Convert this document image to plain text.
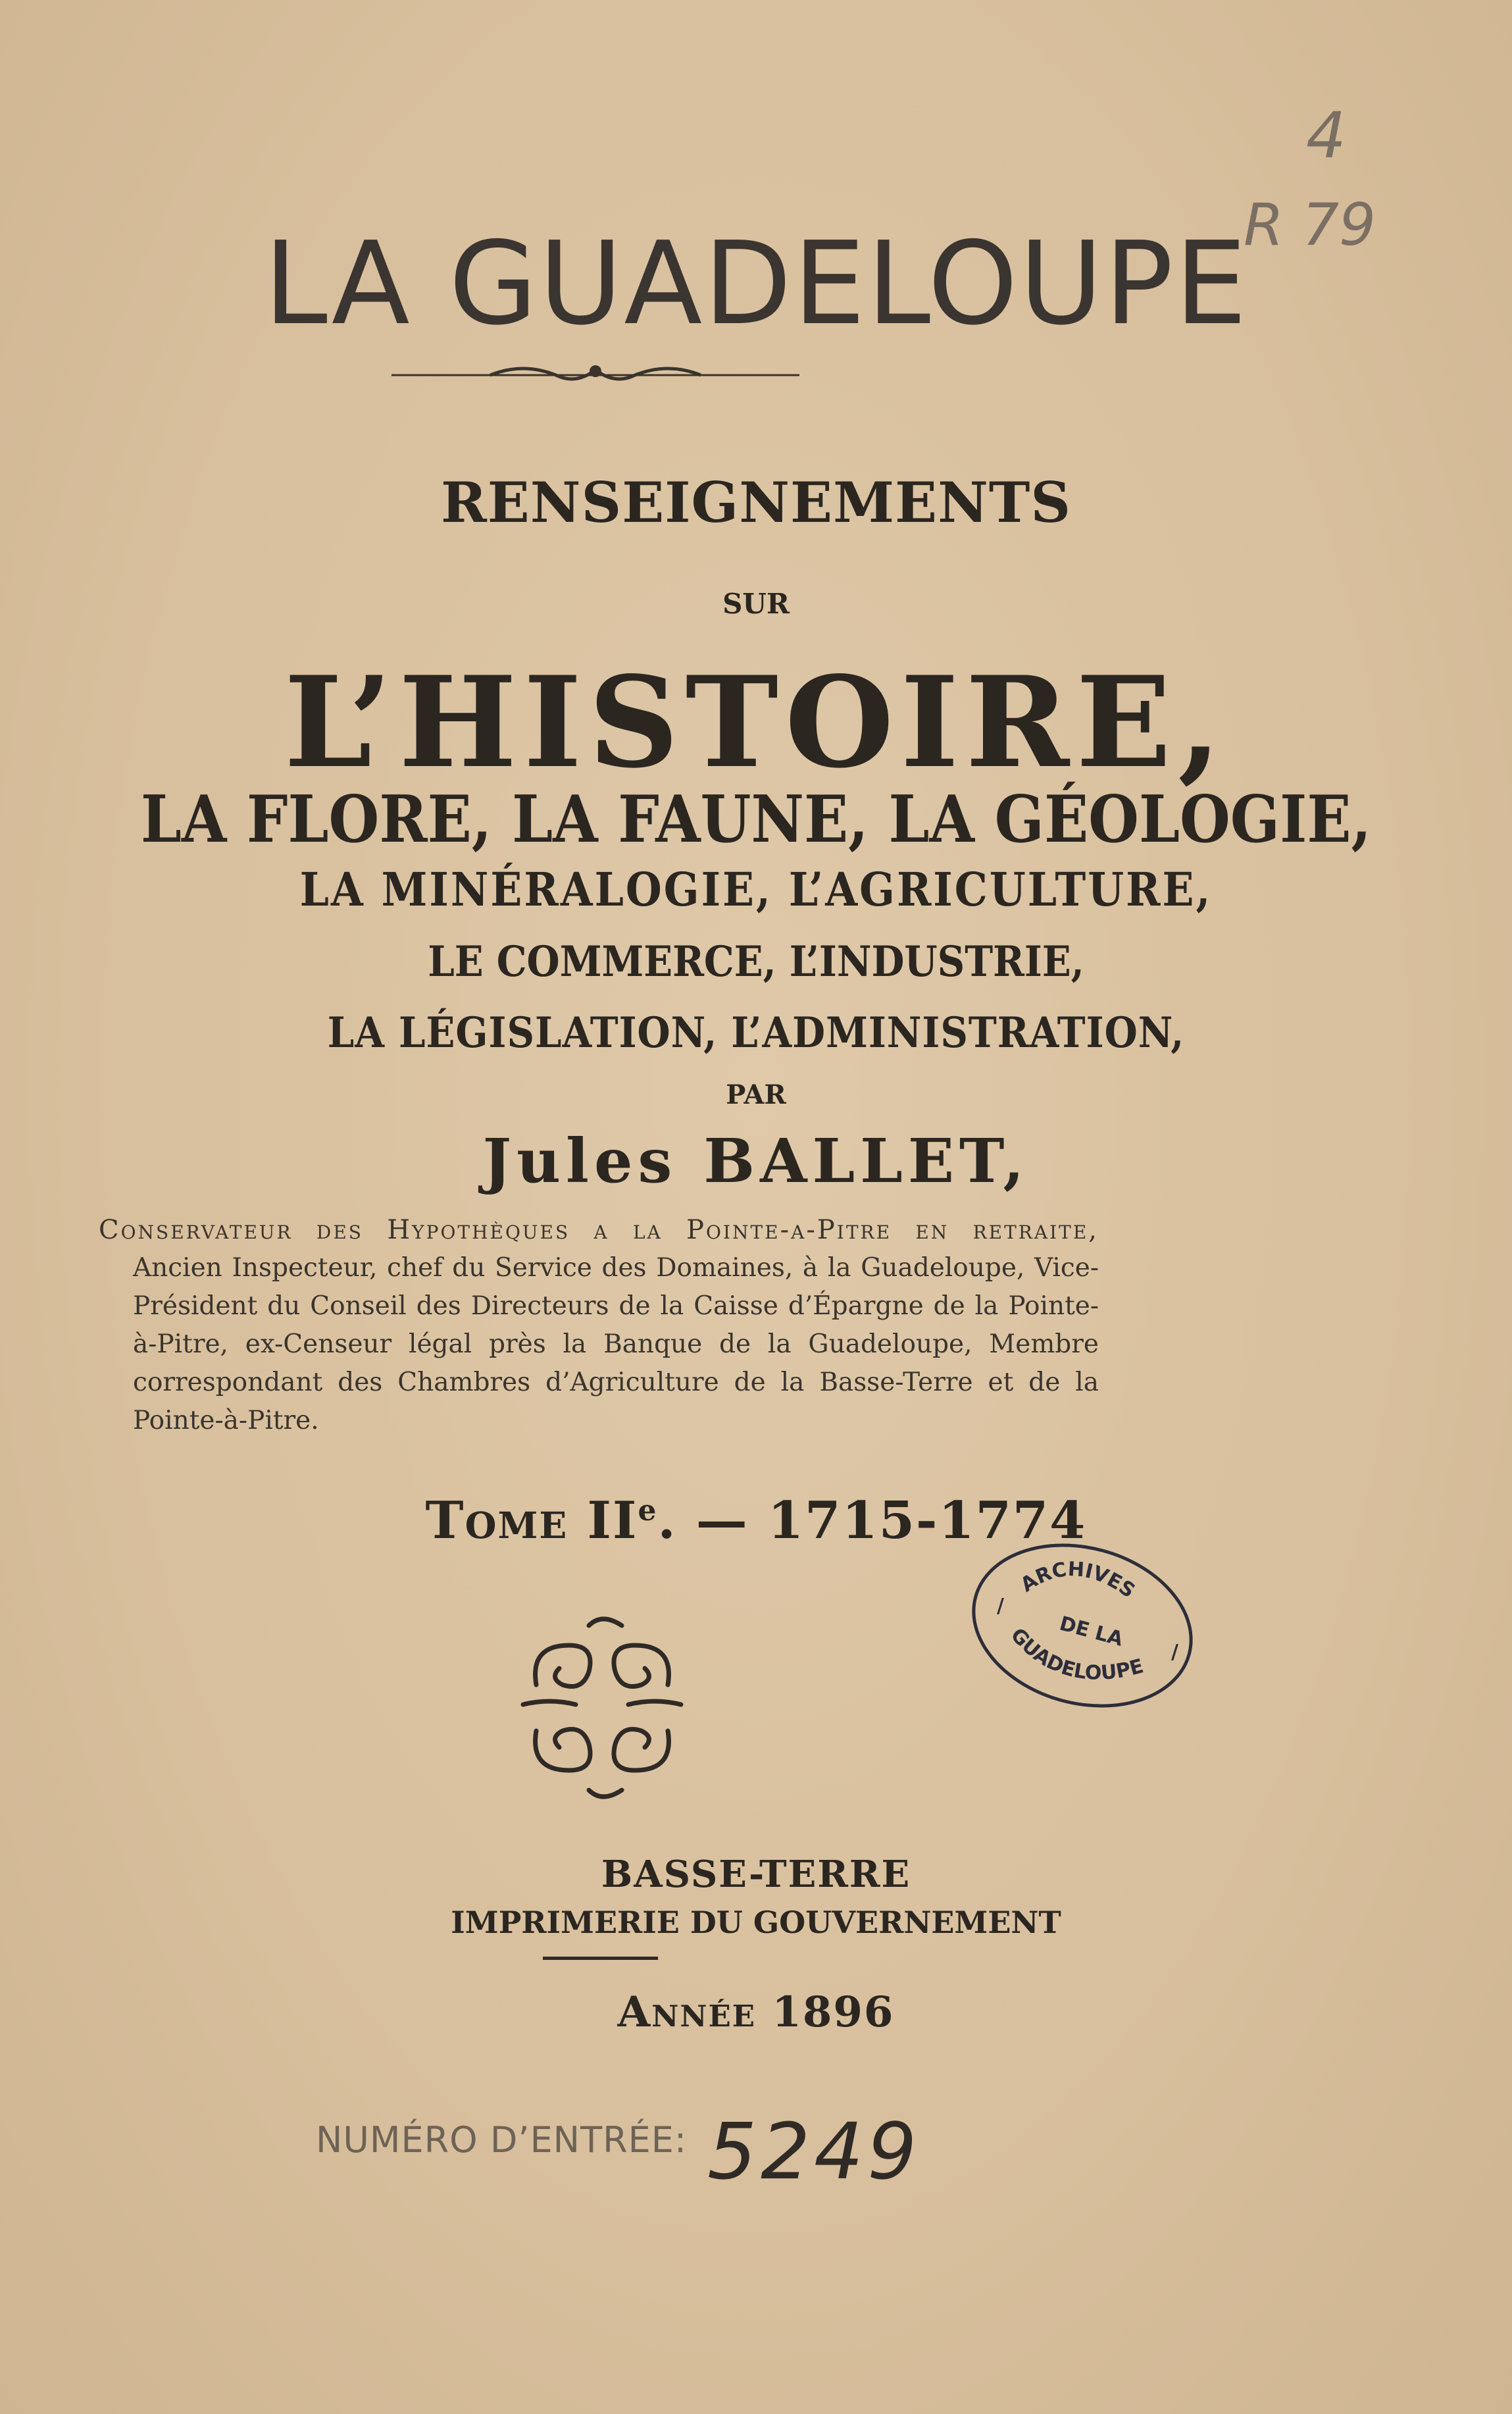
LA GUADELOUPE
RENSEIGNEMENTS
SUR
L’HISTOIRE,
LA FLORE, LA FAUNE, LA GÉOLOGIE,
LA MINÉRALOGIE, L’AGRICULTURE,
LE COMMERCE, L’INDUSTRIE,
LA LÉGISLATION, L’ADMINISTRATION,
PAR
Jules BALLET,
Conservateur des Hypothèques a la Pointe-a-Pitre en retraite,
Ancien Inspecteur, chef du Service des Domaines, à la Guadeloupe, Vice-Président du Conseil des Directeurs de la Caisse d’Épargne de la Pointe-à-Pitre, ex-Censeur légal près la Banque de la Guadeloupe, Membre correspondant des Chambres d’Agriculture de la Basse-Terre et de la Pointe-à-Pitre.
Tome IIe. — 1715-1774
BASSE-TERRE
IMPRIMERIE DU GOUVERNEMENT
Année 1896
NUMÉRO D’ENTRÉE: 5249
4
R 79
ARCHIVES
DE LA
GUADELOUPE
/
/
